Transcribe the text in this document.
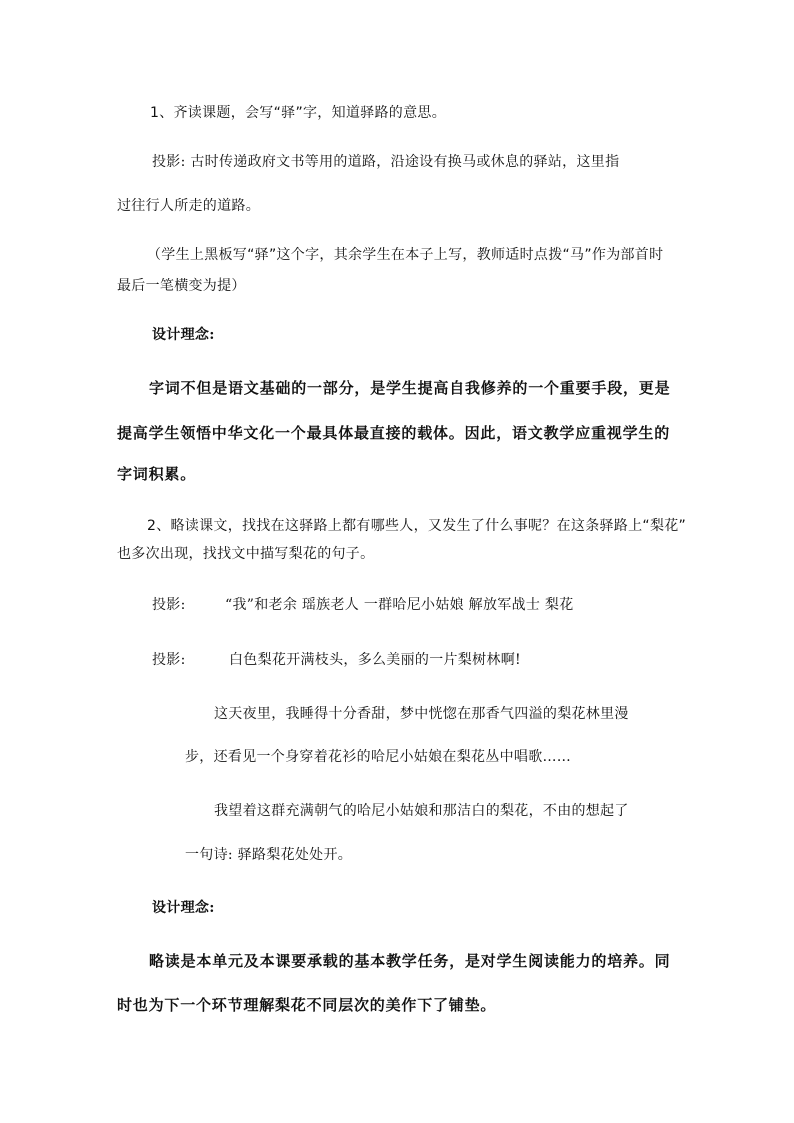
1、齐读课题，会写“驿”字，知道驿路的意思。
投影: 古时传递政府文书等用的道路，沿途设有换马或休息的驿站，这里指
过往行人所走的道路。
（学生上黑板写“驿”这个字，其余学生在本子上写，教师适时点拨“马”作为部首时
最后一笔横变为提）
设计理念:
字词不但是语文基础的一部分，是学生提高自我修养的一个重要手段，更是
提高学生领悟中华文化一个最具体最直接的载体。因此，语文教学应重视学生的
字词积累。
2、略读课文，找找在这驿路上都有哪些人，又发生了什么事呢？在这条驿路上“梨花”
也多次出现，找找文中描写梨花的句子。
投影:	“我”和老余 瑶族老人 一群哈尼小姑娘 解放军战士 梨花
投影:	白色梨花开满枝头，多么美丽的一片梨树林啊!
这天夜里，我睡得十分香甜，梦中恍惚在那香气四溢的梨花林里漫
步，还看见一个身穿着花衫的哈尼小姑娘在梨花丛中唱歌……
我望着这群充满朝气的哈尼小姑娘和那洁白的梨花，不由的想起了
一句诗: 驿路梨花处处开。
设计理念:
略读是本单元及本课要承载的基本教学任务，是对学生阅读能力的培养。同
时也为下一个环节理解梨花不同层次的美作下了铺垫。
